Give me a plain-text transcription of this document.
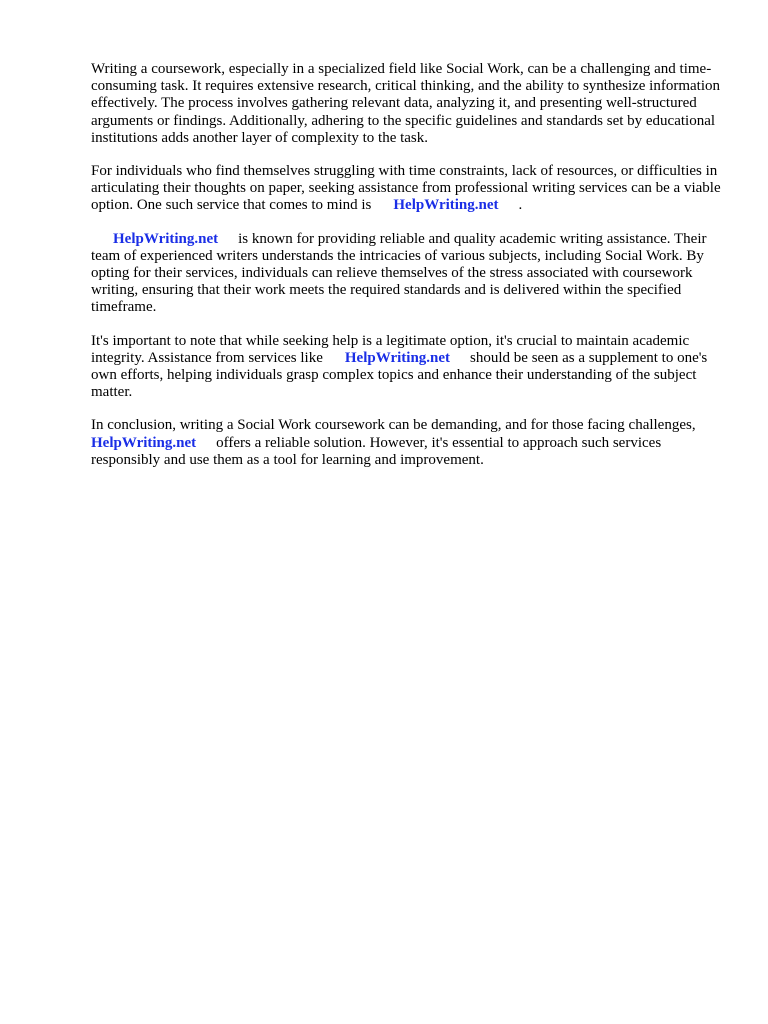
Writing a coursework, especially in a specialized field like Social Work, can be a challenging and time-consuming task. It requires extensive research, critical thinking, and the ability to synthesize information effectively. The process involves gathering relevant data, analyzing it, and presenting well-structured arguments or findings. Additionally, adhering to the specific guidelines and standards set by educational institutions adds another layer of complexity to the task.

For individuals who find themselves struggling with time constraints, lack of resources, or difficulties in articulating their thoughts on paper, seeking assistance from professional writing services can be a viable option. One such service that comes to mind is HelpWriting.net .

HelpWriting.net is known for providing reliable and quality academic writing assistance. Their team of experienced writers understands the intricacies of various subjects, including Social Work. By opting for their services, individuals can relieve themselves of the stress associated with coursework writing, ensuring that their work meets the required standards and is delivered within the specified timeframe.

It's important to note that while seeking help is a legitimate option, it's crucial to maintain academic integrity. Assistance from services like HelpWriting.net should be seen as a supplement to one's own efforts, helping individuals grasp complex topics and enhance their understanding of the subject matter.

In conclusion, writing a Social Work coursework can be demanding, and for those facing challenges,HelpWriting.net offers a reliable solution. However, it's essential to approach such services responsibly and use them as a tool for learning and improvement.
